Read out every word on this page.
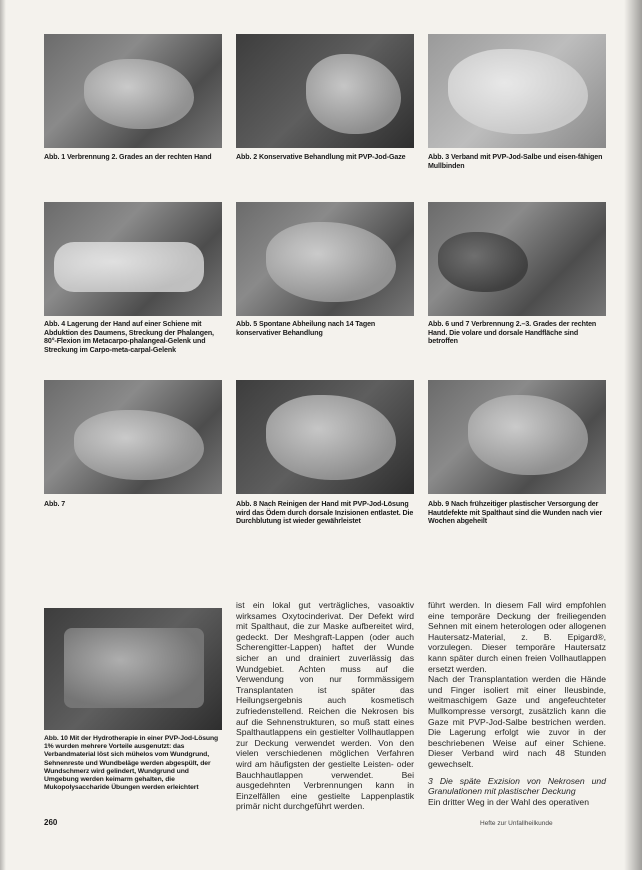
Abb. 1 Verbrennung 2. Grades an der rechten Hand	Abb. 2 Konservative Behandlung mit PVP-Jod-Gaze	Abb. 3 Verband mit PVP-Jod-Salbe und eisen-fähigen Mullbinden
Abb. 4 Lagerung der Hand auf einer Schiene mit Abduktion des Daumens, Streckung der Phalangen, 80°-Flexion im Metacarpo-phalangeal-Gelenk und Streckung im Carpo-meta-carpal-Gelenk
Abb. 5 Spontane Abheilung nach 14 Tagen konservativer Behandlung
Abb. 6 und 7 Verbrennung 2.–3. Grades der rechten Hand. Die volare und dorsale Handfläche sind betroffen
Abb. 7	Abb. 8 Nach Reinigen der Hand mit PVP-Jod-Lösung wird das Ödem durch dorsale Inzisionen entlastet. Die Durchblutung ist wieder gewährleistet
Abb. 9 Nach frühzeitiger plastischer Versorgung der Hautdefekte mit Spalthaut sind die Wunden nach vier Wochen abgeheilt
Abb. 10 Mit der Hydrotherapie in einer PVP-Jod-Lösung 1% wurden mehrere Vorteile ausgenutzt: das Verbandmaterial löst sich mühelos vom Wundgrund, Sehnenreste und Wundbeläge werden abgespült, der Wundschmerz wird gelindert, Wundgrund und Umgebung werden keimarm gehalten, die Mukopolysaccharide Übungen werden erleichtert

ist ein lokal gut verträgliches, vasoaktiv wirksames Oxytocinderivat. Der Defekt wird mit Spalthaut, die zur Maske aufbereitet wird, gedeckt. Der Meshgraft-Lappen (oder auch Scherengitter-Lappen) haftet der Wunde sicher an und drainiert zuverlässig das Wundgebiet. Achten muss auf die Verwendung von nur formmässigem Transplantaten ist später das Heilungsergebnis auch kosmetisch zufriedenstellend. Reichen die Nekrosen bis auf die Sehnenstrukturen, so muß statt eines Spalthautlappens ein gestielter Vollhautlappen zur Deckung verwendet werden. Von den vielen verschiedenen möglichen Verfahren wird am häufigsten der gestielte Leisten- oder Bauchhautlappen verwendet. Bei ausgedehnten Verbrennungen kann in Einzelfällen eine gestielte Lappenplastik primär nicht durchgeführt werden.

führt werden. In diesem Fall wird empfohlen eine temporäre Deckung der freiliegenden Sehnen mit einem heterologen oder allogenen Hautersatz-Material, z. B. Epigard®, vorzulegen. Dieser temporäre Hautersatz kann später durch einen freien Vollhautlappen ersetzt werden.

Nach der Transplantation werden die Hände und Finger isoliert mit einer Ileusbinde, weitmaschigem Gaze und angefeuchteter Mullkompresse versorgt, zusätzlich kann die Gaze mit PVP-Jod-Salbe bestrichen werden. Die Lagerung erfolgt wie zuvor in der beschriebenen Weise auf einer Schiene. Dieser Verband wird nach 48 Stunden gewechselt.

3 Die späte Exzision von Nekrosen und Granulationen mit plastischer Deckung

Ein dritter Weg in der Wahl des operativen

260	Hefte zur Unfallheilkunde
